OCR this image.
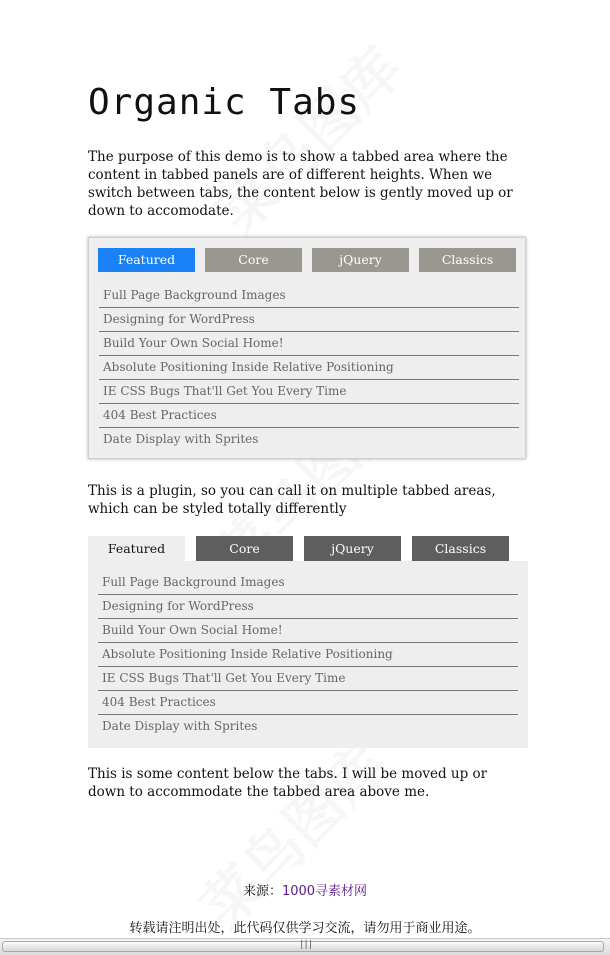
Organic Tabs

The purpose of this demo is to show a tabbed area where the content in tabbed panels are of different heights. When we switch between tabs, the content below is gently moved up or down to accomodate.

Featured	Core	jQuery	Classics
Full Page Background Images
Designing for WordPress
Build Your Own Social Home!
Absolute Positioning Inside Relative Positioning
IE CSS Bugs That'll Get You Every Time
404 Best Practices
Date Display with Sprites

This is a plugin, so you can call it on multiple tabbed areas, which can be styled totally differently

Featured	Core	jQuery	Classics
Full Page Background Images
Designing for WordPress
Build Your Own Social Home!
Absolute Positioning Inside Relative Positioning
IE CSS Bugs That'll Get You Every Time
404 Best Practices
Date Display with Sprites

This is some content below the tabs. I will be moved up or down to accommodate the tabbed area above me.

来源：1000寻素材网
转载请注明出处，此代码仅供学习交流，请勿用于商业用途。
|||
